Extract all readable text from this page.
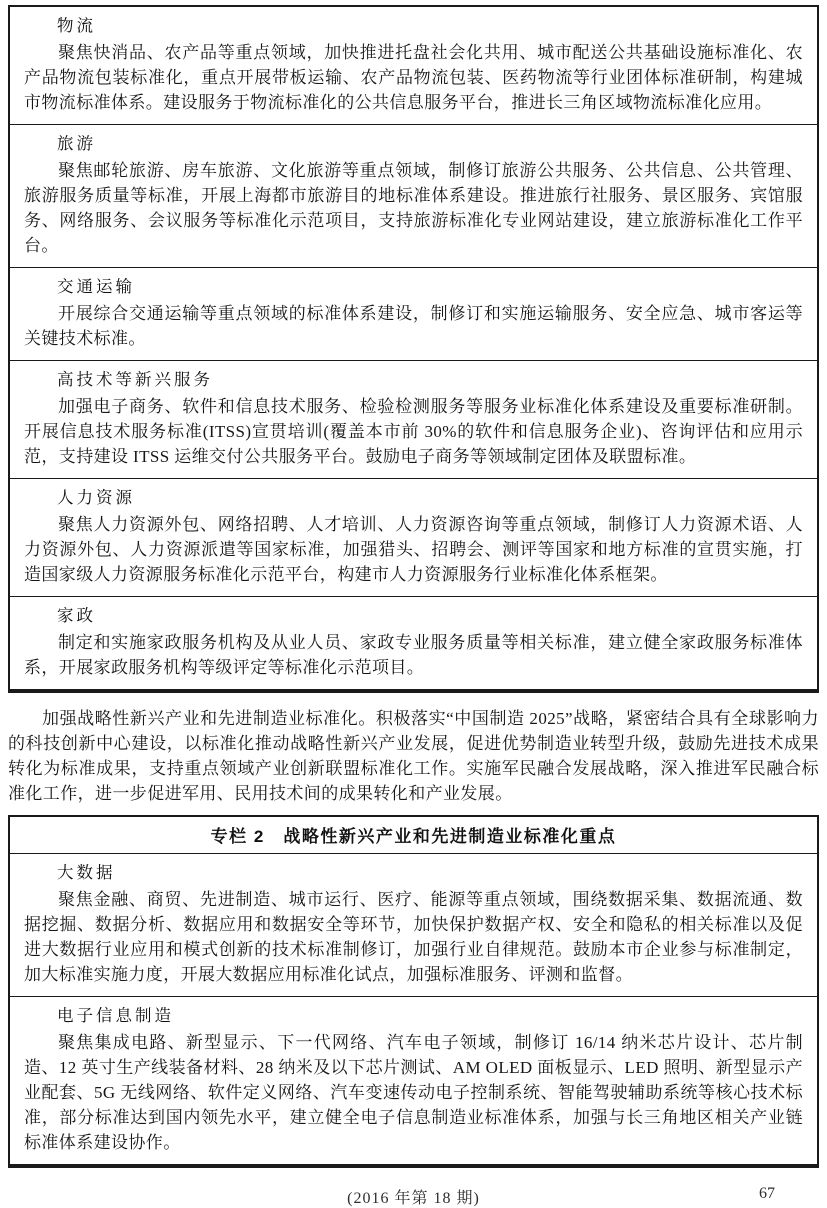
物流

聚焦快消品、农产品等重点领域，加快推进托盘社会化共用、城市配送公共基础设施标准化、农产品物流包装标准化，重点开展带板运输、农产品物流包装、医药物流等行业团体标准研制，构建城市物流标准体系。建设服务于物流标准化的公共信息服务平台，推进长三角区域物流标准化应用。

旅游

聚焦邮轮旅游、房车旅游、文化旅游等重点领域，制修订旅游公共服务、公共信息、公共管理、旅游服务质量等标准，开展上海都市旅游目的地标准体系建设。推进旅行社服务、景区服务、宾馆服务、网络服务、会议服务等标准化示范项目，支持旅游标准化专业网站建设，建立旅游标准化工作平台。

交通运输

开展综合交通运输等重点领域的标准体系建设，制修订和实施运输服务、安全应急、城市客运等关键技术标准。

高技术等新兴服务

加强电子商务、软件和信息技术服务、检验检测服务等服务业标准化体系建设及重要标准研制。开展信息技术服务标准(ITSS)宣贯培训(覆盖本市前 30%的软件和信息服务企业)、咨询评估和应用示范，支持建设 ITSS 运维交付公共服务平台。鼓励电子商务等领域制定团体及联盟标准。

人力资源

聚焦人力资源外包、网络招聘、人才培训、人力资源咨询等重点领域，制修订人力资源术语、人力资源外包、人力资源派遣等国家标准，加强猎头、招聘会、测评等国家和地方标准的宣贯实施，打造国家级人力资源服务标准化示范平台，构建市人力资源服务行业标准化体系框架。

家政

制定和实施家政服务机构及从业人员、家政专业服务质量等相关标准，建立健全家政服务标准体系，开展家政服务机构等级评定等标准化示范项目。

加强战略性新兴产业和先进制造业标准化。积极落实“中国制造 2025”战略，紧密结合具有全球影响力的科技创新中心建设，以标准化推动战略性新兴产业发展，促进优势制造业转型升级，鼓励先进技术成果转化为标准成果，支持重点领域产业创新联盟标准化工作。实施军民融合发展战略，深入推进军民融合标准化工作，进一步促进军用、民用技术间的成果转化和产业发展。

专栏 2　战略性新兴产业和先进制造业标准化重点
大数据

聚焦金融、商贸、先进制造、城市运行、医疗、能源等重点领域，围绕数据采集、数据流通、数据挖掘、数据分析、数据应用和数据安全等环节，加快保护数据产权、安全和隐私的相关标准以及促进大数据行业应用和模式创新的技术标准制修订，加强行业自律规范。鼓励本市企业参与标准制定，加大标准实施力度，开展大数据应用标准化试点，加强标准服务、评测和监督。

电子信息制造

聚焦集成电路、新型显示、下一代网络、汽车电子领域，制修订 16/14 纳米芯片设计、芯片制造、12 英寸生产线装备材料、28 纳米及以下芯片测试、AM OLED 面板显示、LED 照明、新型显示产业配套、5G 无线网络、软件定义网络、汽车变速传动电子控制系统、智能驾驶辅助系统等核心技术标准，部分标准达到国内领先水平，建立健全电子信息制造业标准体系，加强与长三角地区相关产业链标准体系建设协作。

(2016 年第 18 期)	67
